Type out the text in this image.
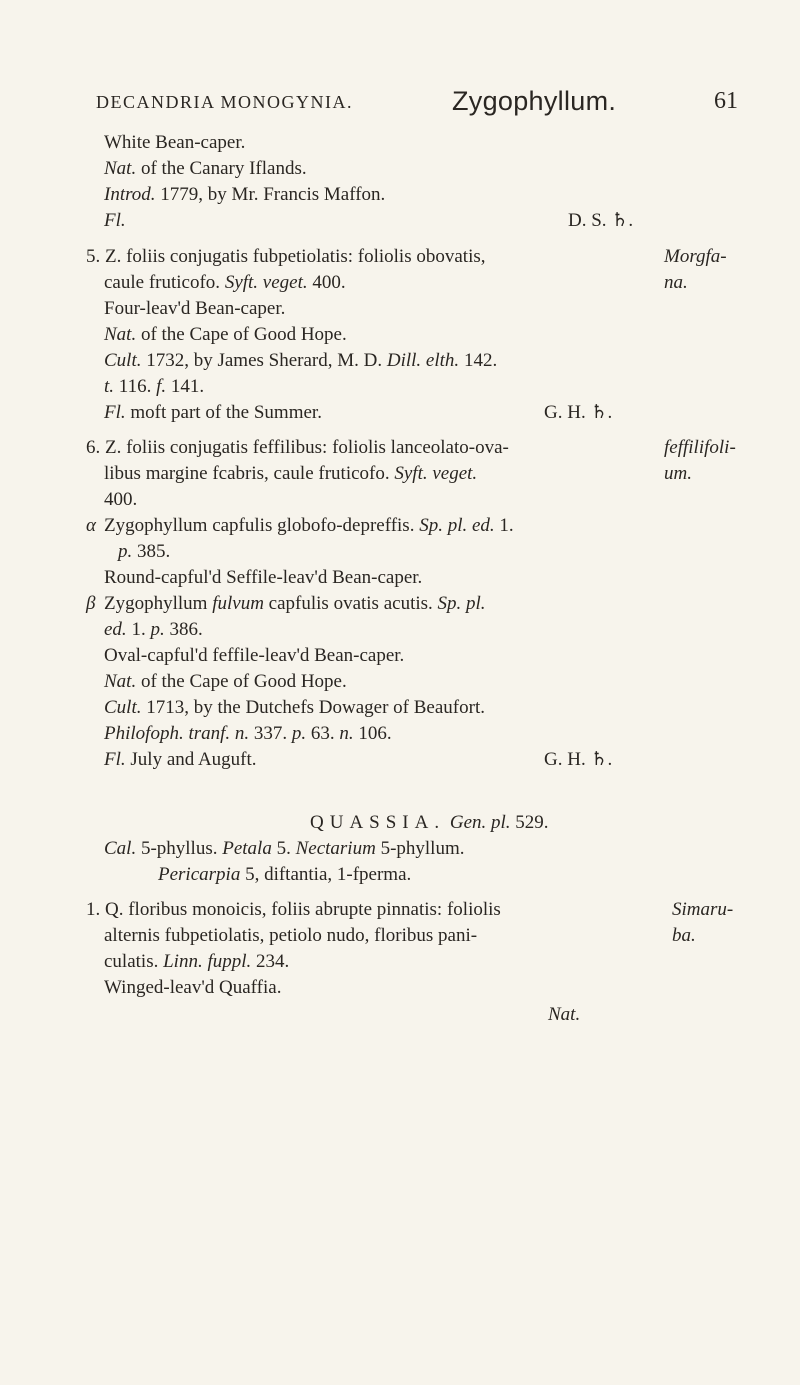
DECANDRIA MONOGYNIA.	Zygophyllum.	61
White Bean-caper.
Nat. of the Canary Iflands.
Introd. 1779, by Mr. Francis Maffon.
Fl.	D. S. ♄.
5. Z. foliis conjugatis fubpetiolatis: foliolis obovatis,
caule fruticofo. Syft. veget. 400.
Four-leav'd Bean-caper.
Nat. of the Cape of Good Hope.
Cult. 1732, by James Sherard, M. D. Dill. elth. 142.
t. 116. f. 141.
Fl. moft part of the Summer.	G. H. ♄.
Morgfa-
na.
6. Z. foliis conjugatis feffilibus: foliolis lanceolato-ova-
libus margine fcabris, caule fruticofo. Syft. veget.
400.
feffilifoli-
um.
α Zygophyllum capfulis globofo-depreffis. Sp. pl. ed. 1.
p. 385.
Round-capful'd Seffile-leav'd Bean-caper.
β Zygophyllum fulvum capfulis ovatis acutis. Sp. pl.
ed. 1. p. 386.
Oval-capful'd feffile-leav'd Bean-caper.
Nat. of the Cape of Good Hope.
Cult. 1713, by the Dutchefs Dowager of Beaufort.
Philofoph. tranf. n. 337. p. 63. n. 106.
Fl. July and Auguft.	G. H. ♄.
QUASSIA. Gen. pl. 529.
Cal. 5-phyllus. Petala 5. Nectarium 5-phyllum.
Pericarpia 5, diftantia, 1-fperma.
1. Q. floribus monoicis, foliis abrupte pinnatis: foliolis
alternis fubpetiolatis, petiolo nudo, floribus pani-
culatis. Linn. fuppl. 234.
Winged-leav'd Quaffia.
Simaru-
ba.
Nat.
